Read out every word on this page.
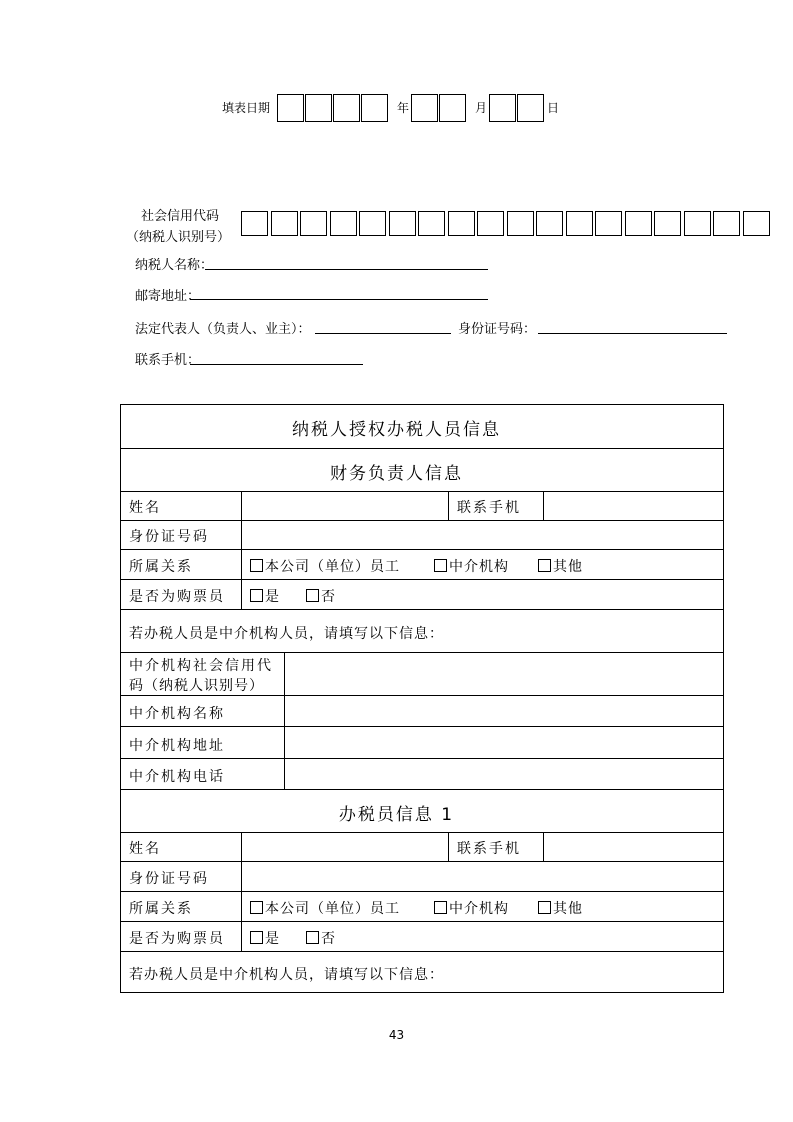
填表日期	年	月	日
社会信用代码
（纳税人识别号）
纳税人名称：
邮寄地址：
法定代表人（负责人、业主）：	身份证号码：
联系手机：
纳税人授权办税人员信息
财务负责人信息
姓名	联系手机
身份证号码
所属关系	本公司（单位）员工	中介机构	其他
是否为购票员	是	否
若办税人员是中介机构人员，请填写以下信息：
中介机构社会信用代
码（纳税人识别号）
中介机构名称
中介机构地址
中介机构电话
办税员信息 1
姓名	联系手机
身份证号码
所属关系	本公司（单位）员工	中介机构	其他
是否为购票员	是	否
若办税人员是中介机构人员，请填写以下信息：
43
